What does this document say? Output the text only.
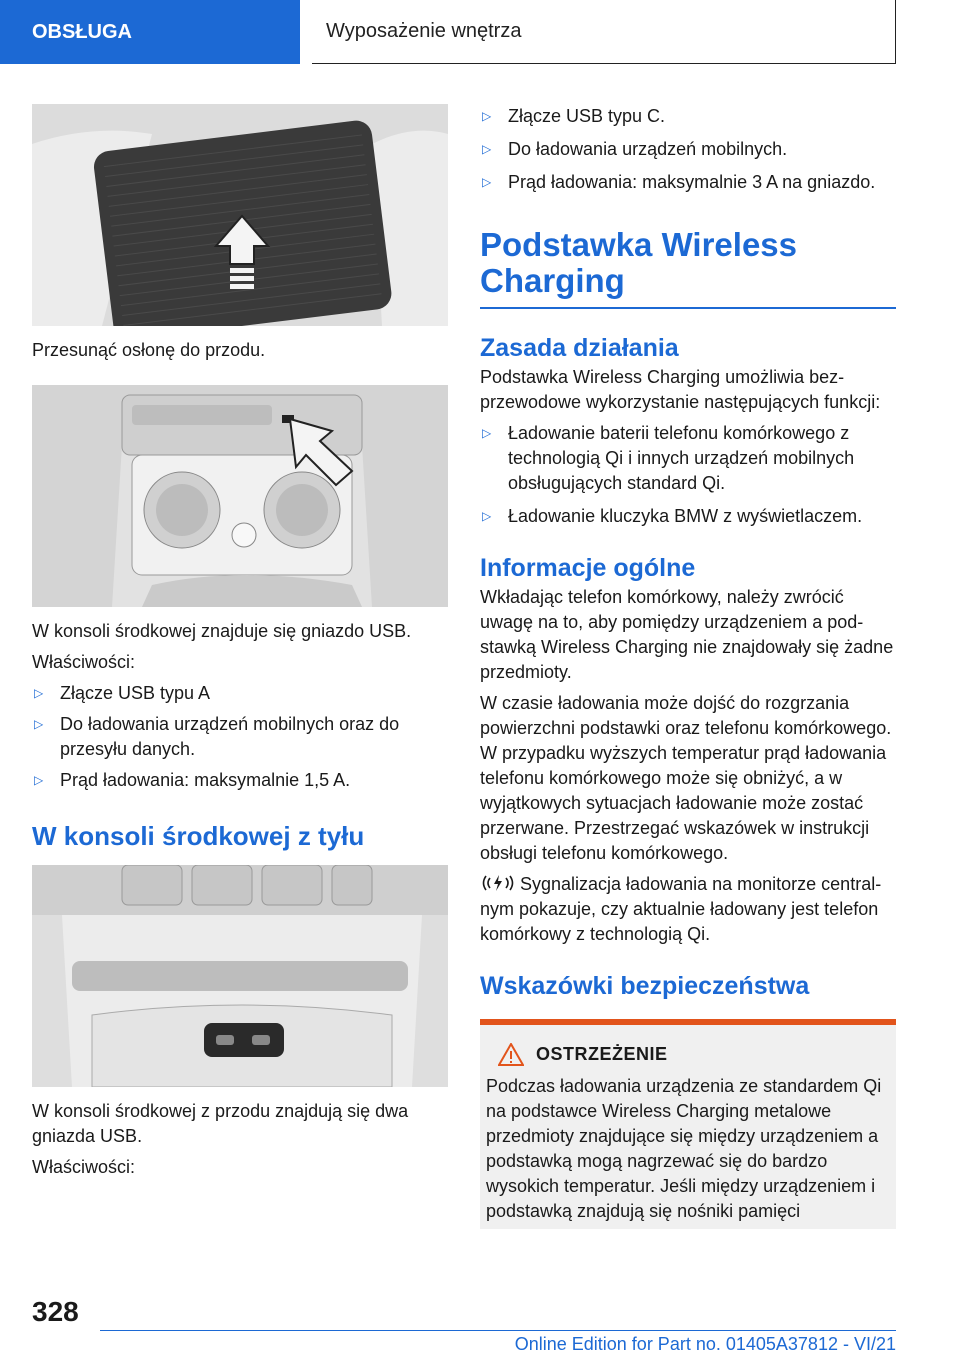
OBSŁUGA	Wyposażenie wnętrza

Przesunąć osłonę do przodu.

W konsoli środkowej znajduje się gniazdo USB.

Właściwości:

▷ Złącze USB typu A
▷ Do ładowania urządzeń mobilnych oraz do przesyłu danych.
▷ Prąd ładowania: maksymalnie 1,5 A.
W konsoli środkowej z tyłu

W konsoli środkowej z przodu znajdują się dwa gniazda USB.

Właściwości:

▷ Złącze USB typu C.
▷ Do ładowania urządzeń mobilnych.
▷ Prąd ładowania: maksymalnie 3 A na gniazdo.
Podstawka Wireless Charging
Zasada działania

Podstawka Wireless Charging umożliwia bezprzewodowe wykorzystanie następujących funkcji:

▷ Ładowanie baterii telefonu komórkowego z technologią Qi i innych urządzeń mobilnych obsługujących standard Qi.
▷ Ładowanie kluczyka BMW z wyświetlaczem.
Informacje ogólne

Wkładając telefon komórkowy, należy zwrócić uwagę na to, aby pomiędzy urządzeniem a podstawką Wireless Charging nie znajdowały się żadne przedmioty.

W czasie ładowania może dojść do rozgrzania powierzchni podstawki oraz telefonu komórkowego. W przypadku wyższych temperatur prąd ładowania telefonu komórkowego może się obniżyć, a w wyjątkowych sytuacjach ładowanie może zostać przerwane. Przestrzegać wskazówek w instrukcji obsługi telefonu komórkowego.

Sygnalizacja ładowania na monitorze centralnym pokazuje, czy aktualnie ładowany jest telefon komórkowy z technologią Qi.

Wskazówki bezpieczeństwa
OSTRZEŻENIE

Podczas ładowania urządzenia ze standardem Qi na podstawce Wireless Charging metalowe przedmioty znajdujące się między urządzeniem a podstawką mogą nagrzewać się do bardzo wysokich temperatur. Jeśli między urządzeniem i podstawką znajdują się nośniki pamięci

328
Online Edition for Part no. 01405A37812 - VI/21
